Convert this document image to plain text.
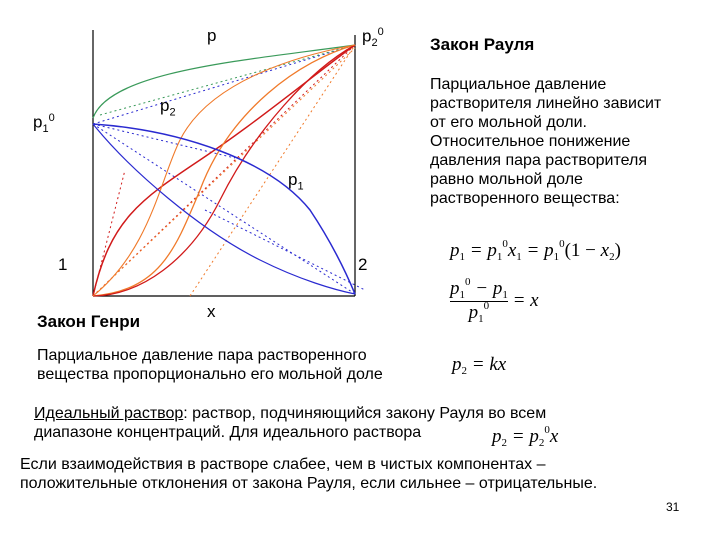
p	$p_2^0$
$p_1^0$
$p_2$
$p_1$
1	2
x
Закон Рауля
Парциальное давление
растворителя линейно зависит
от его мольной доли.
Относительное понижение
давления пара растворителя
равно мольной доле
растворенного вещества:
$p_1 = p_1^0x_1 = p_1^0(1 - x_2)$
$\frac{p_1^0 - p_1}{p_1^0} = x$
$p_2$ = kx
Закон Генри
Парциальное давление пара растворенного
вещества пропорционально его мольной доле
Идеальный раствор: раствор, подчиняющийся закону Рауля во всем
диапазоне концентраций. Для идеального раствора	$p_2 = p_2^0x$
Если взаимодействия в растворе слабее, чем в чистых компонентах –
положительные отклонения от закона Рауля, если сильнее – отрицательные.
31
